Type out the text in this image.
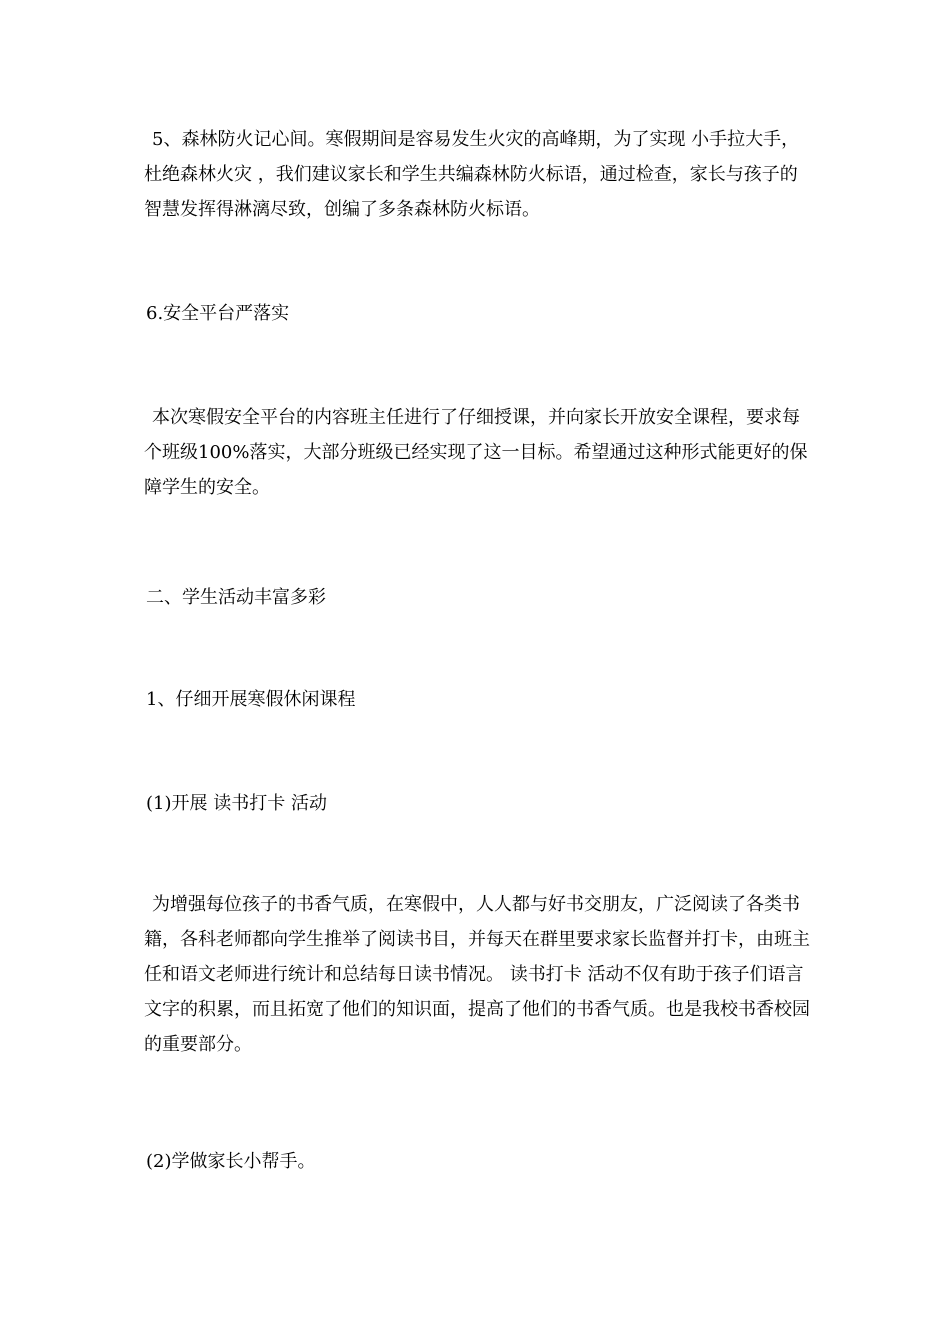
5、森林防火记心间。寒假期间是容易发生火灾的高峰期，为了实现 小手拉大手，杜绝森林火灾 ，我们建议家长和学生共编森林防火标语，通过检查，家长与孩子的智慧发挥得淋漓尽致，创编了多条森林防火标语。

6.安全平台严落实

本次寒假安全平台的内容班主任进行了仔细授课，并向家长开放安全课程，要求每个班级100%落实，大部分班级已经实现了这一目标。希望通过这种形式能更好的保障学生的安全。

二、学生活动丰富多彩

1、仔细开展寒假休闲课程

(1)开展 读书打卡 活动

为增强每位孩子的书香气质，在寒假中，人人都与好书交朋友，广泛阅读了各类书籍，各科老师都向学生推举了阅读书目，并每天在群里要求家长监督并打卡，由班主任和语文老师进行统计和总结每日读书情况。 读书打卡 活动不仅有助于孩子们语言文字的积累，而且拓宽了他们的知识面，提高了他们的书香气质。也是我校书香校园的重要部分。

(2)学做家长小帮手。
